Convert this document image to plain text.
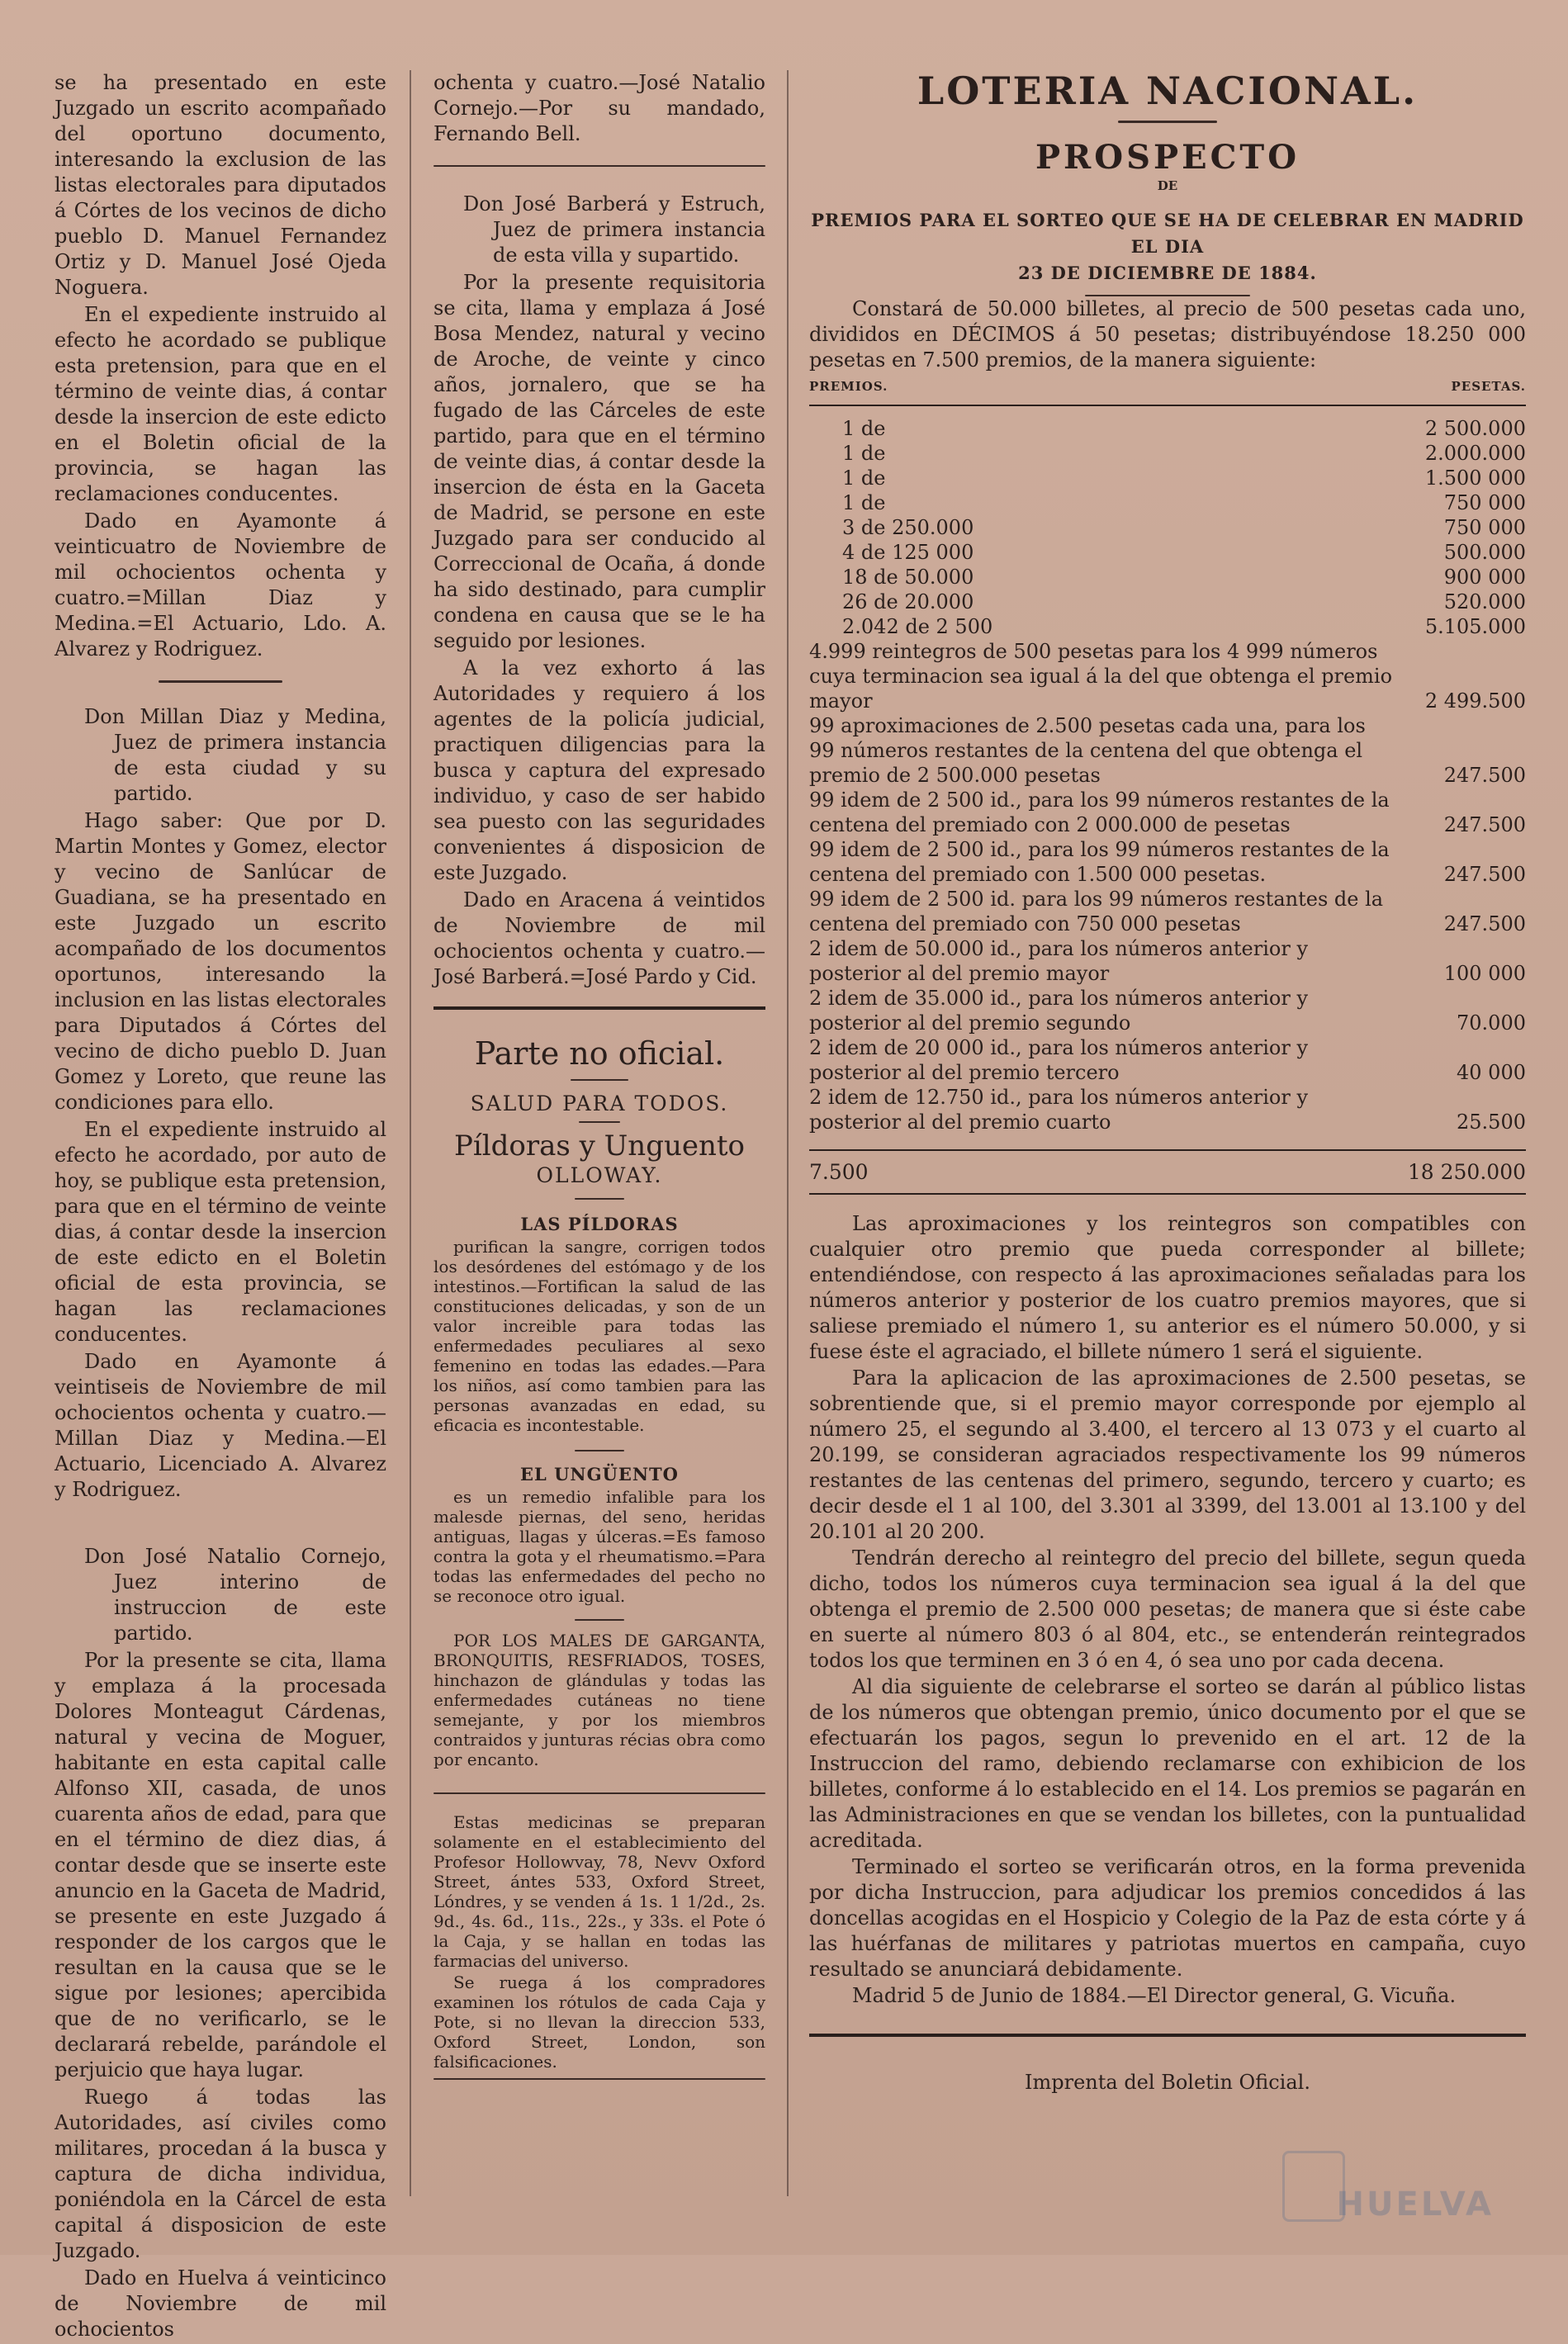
se ha presentado en este Juzgado un escrito acompañado del oportuno documento, interesando la exclusion de las listas electorales para diputados á Córtes de los vecinos de dicho pueblo D. Manuel Fernandez Ortiz y D. Manuel José Ojeda Noguera.

En el expediente instruido al efecto he acordado se publique esta pretension, para que en el término de veinte dias, á contar desde la insercion de este edicto en el Boletin oficial de la provincia, se hagan las reclamaciones conducentes.

Dado en Ayamonte á veinticuatro de Noviembre de mil ochocientos ochenta y cuatro.=Millan Diaz y Medina.=El Actuario, Ldo. A. Alvarez y Rodriguez.

Don Millan Diaz y Medina, Juez de primera instancia de esta ciudad y su partido.

Hago saber: Que por D. Martin Montes y Gomez, elector y vecino de Sanlúcar de Guadiana, se ha presentado en este Juzgado un escrito acompañado de los documentos oportunos, interesando la inclusion en las listas electorales para Diputados á Córtes del vecino de dicho pueblo D. Juan Gomez y Loreto, que reune las condiciones para ello.

En el expediente instruido al efecto he acordado, por auto de hoy, se publique esta pretension, para que en el término de veinte dias, á contar desde la insercion de este edicto en el Boletin oficial de esta provincia, se hagan las reclamaciones conducentes.

Dado en Ayamonte á veintiseis de Noviembre de mil ochocientos ochenta y cuatro.—Millan Diaz y Medina.—El Actuario, Licenciado A. Alvarez y Rodriguez.

Don José Natalio Cornejo, Juez interino de instruccion de este partido.

Por la presente se cita, llama y emplaza á la procesada Dolores Monteagut Cárdenas, natural y vecina de Moguer, habitante en esta capital calle Alfonso XII, casada, de unos cuarenta años de edad, para que en el término de diez dias, á contar desde que se inserte este anuncio en la Gaceta de Madrid, se presente en este Juzgado á responder de los cargos que le resultan en la causa que se le sigue por lesiones; apercibida que de no verificarlo, se le declarará rebelde, parándole el perjuicio que haya lugar.

Ruego á todas las Autoridades, así civiles como militares, procedan á la busca y captura de dicha individua, poniéndola en la Cárcel de esta capital á disposicion de este Juzgado.

Dado en Huelva á veinticinco de Noviembre de mil ochocientos

ochenta y cuatro.—José Natalio Cornejo.—Por su mandado, Fernando Bell.

Don José Barberá y Estruch, Juez de primera instancia de esta villa y supartido.

Por la presente requisitoria se cita, llama y emplaza á José Bosa Mendez, natural y vecino de Aroche, de veinte y cinco años, jornalero, que se ha fugado de las Cárceles de este partido, para que en el término de veinte dias, á contar desde la insercion de ésta en la Gaceta de Madrid, se persone en este Juzgado para ser conducido al Correccional de Ocaña, á donde ha sido destinado, para cumplir condena en causa que se le ha seguido por lesiones.

A la vez exhorto á las Autoridades y requiero á los agentes de la policía judicial, practiquen diligencias para la busca y captura del expresado individuo, y caso de ser habido sea puesto con las seguridades convenientes á disposicion de este Juzgado.

Dado en Aracena á veintidos de Noviembre de mil ochocientos ochenta y cuatro.—José Barberá.=José Pardo y Cid.

Parte no oficial.
SALUD PARA TODOS.
Píldoras y Unguento
OLLOWAY.
LAS PÍLDORAS

purifican la sangre, corrigen todos los desórdenes del estómago y de los intestinos.—Fortifican la salud de las constituciones delicadas, y son de un valor increible para todas las enfermedades peculiares al sexo femenino en todas las edades.—Para los niños, así como tambien para las personas avanzadas en edad, su eficacia es incontestable.

EL UNGÜENTO

es un remedio infalible para los malesde piernas, del seno, heridas antiguas, llagas y úlceras.=Es famoso contra la gota y el rheumatismo.=Para todas las enfermedades del pecho no se reconoce otro igual.

POR LOS MALES DE GARGANTA, BRONQUITIS, RESFRIADOS, TOSES, hinchazon de glándulas y todas las enfermedades cutáneas no tiene semejante, y por los miembros contraidos y junturas récias obra como por encanto.

Estas medicinas se preparan solamente en el establecimiento del Profesor Hollowvay, 78, Nevv Oxford Street, ántes 533, Oxford Street, Lóndres, y se venden á 1s. 1 1/2d., 2s. 9d., 4s. 6d., 11s., 22s., y 33s. el Pote ó la Caja, y se hallan en todas las farmacias del universo.

Se ruega á los compradores examinen los rótulos de cada Caja y Pote, si no llevan la direccion 533, Oxford Street, London, son falsificaciones.

LOTERIA NACIONAL.
PROSPECTO
DE
PREMIOS PARA EL SORTEO QUE SE HA DE CELEBRAR EN MADRID EL DIA
23 DE DICIEMBRE DE 1884.

Constará de 50.000 billetes, al precio de 500 pesetas cada uno, divididos en DÉCIMOS á 50 pesetas; distribuyéndose 18.250 000 pesetas en 7.500 premios, de la manera siguiente:

PREMIOS.	PESETAS.
1 de	2 500.000
1 de	2.000.000
1 de	1.500 000
1 de	750 000
3 de 250.000	750 000
4 de 125 000	500.000
18 de 50.000	900 000
26 de 20.000	520.000
2.042 de 2 500	5.105.000
4.999 reintegros de 500 pesetas para los 4 999 números cuya terminacion sea igual á la del que obtenga el premio mayor	2 499.500
99 aproximaciones de 2.500 pesetas cada una, para los 99 números restantes de la centena del que obtenga el premio de 2 500.000 pesetas	247.500
99 idem de 2 500 id., para los 99 números restantes de la centena del premiado con 2 000.000 de pesetas	247.500
99 idem de 2 500 id., para los 99 números restantes de la centena del premiado con 1.500 000 pesetas.	247.500
99 idem de 2 500 id. para los 99 números restantes de la centena del premiado con 750 000 pesetas	247.500
2 idem de 50.000 id., para los números anterior y posterior al del premio mayor	100 000
2 idem de 35.000 id., para los números anterior y posterior al del premio segundo	70.000
2 idem de 20 000 id., para los números anterior y posterior al del premio tercero	40 000
2 idem de 12.750 id., para los números anterior y posterior al del premio cuarto	25.500
7.500	18 250.000

Las aproximaciones y los reintegros son compatibles con cualquier otro premio que pueda corresponder al billete; entendiéndose, con respecto á las aproximaciones señaladas para los números anterior y posterior de los cuatro premios mayores, que si saliese premiado el número 1, su anterior es el número 50.000, y si fuese éste el agraciado, el billete número 1 será el siguiente.

Para la aplicacion de las aproximaciones de 2.500 pesetas, se sobrentiende que, si el premio mayor corresponde por ejemplo al número 25, el segundo al 3.400, el tercero al 13 073 y el cuarto al 20.199, se consideran agraciados respectivamente los 99 números restantes de las centenas del primero, segundo, tercero y cuarto; es decir desde el 1 al 100, del 3.301 al 3399, del 13.001 al 13.100 y del 20.101 al 20 200.

Tendrán derecho al reintegro del precio del billete, segun queda dicho, todos los números cuya terminacion sea igual á la del que obtenga el premio de 2.500 000 pesetas; de manera que si éste cabe en suerte al número 803 ó al 804, etc., se entenderán reintegrados todos los que terminen en 3 ó en 4, ó sea uno por cada decena.

Al dia siguiente de celebrarse el sorteo se darán al público listas de los números que obtengan premio, único documento por el que se efectuarán los pagos, segun lo prevenido en el art. 12 de la Instruccion del ramo, debiendo reclamarse con exhibicion de los billetes, conforme á lo establecido en el 14. Los premios se pagarán en las Administraciones en que se vendan los billetes, con la puntualidad acreditada.

Terminado el sorteo se verificarán otros, en la forma prevenida por dicha Instruccion, para adjudicar los premios concedidos á las doncellas acogidas en el Hospicio y Colegio de la Paz de esta córte y á las huérfanas de militares y patriotas muertos en campaña, cuyo resultado se anunciará debidamente.

Madrid 5 de Junio de 1884.—El Director general, G. Vicuña.

Imprenta del Boletin Oficial.
HUELVA
